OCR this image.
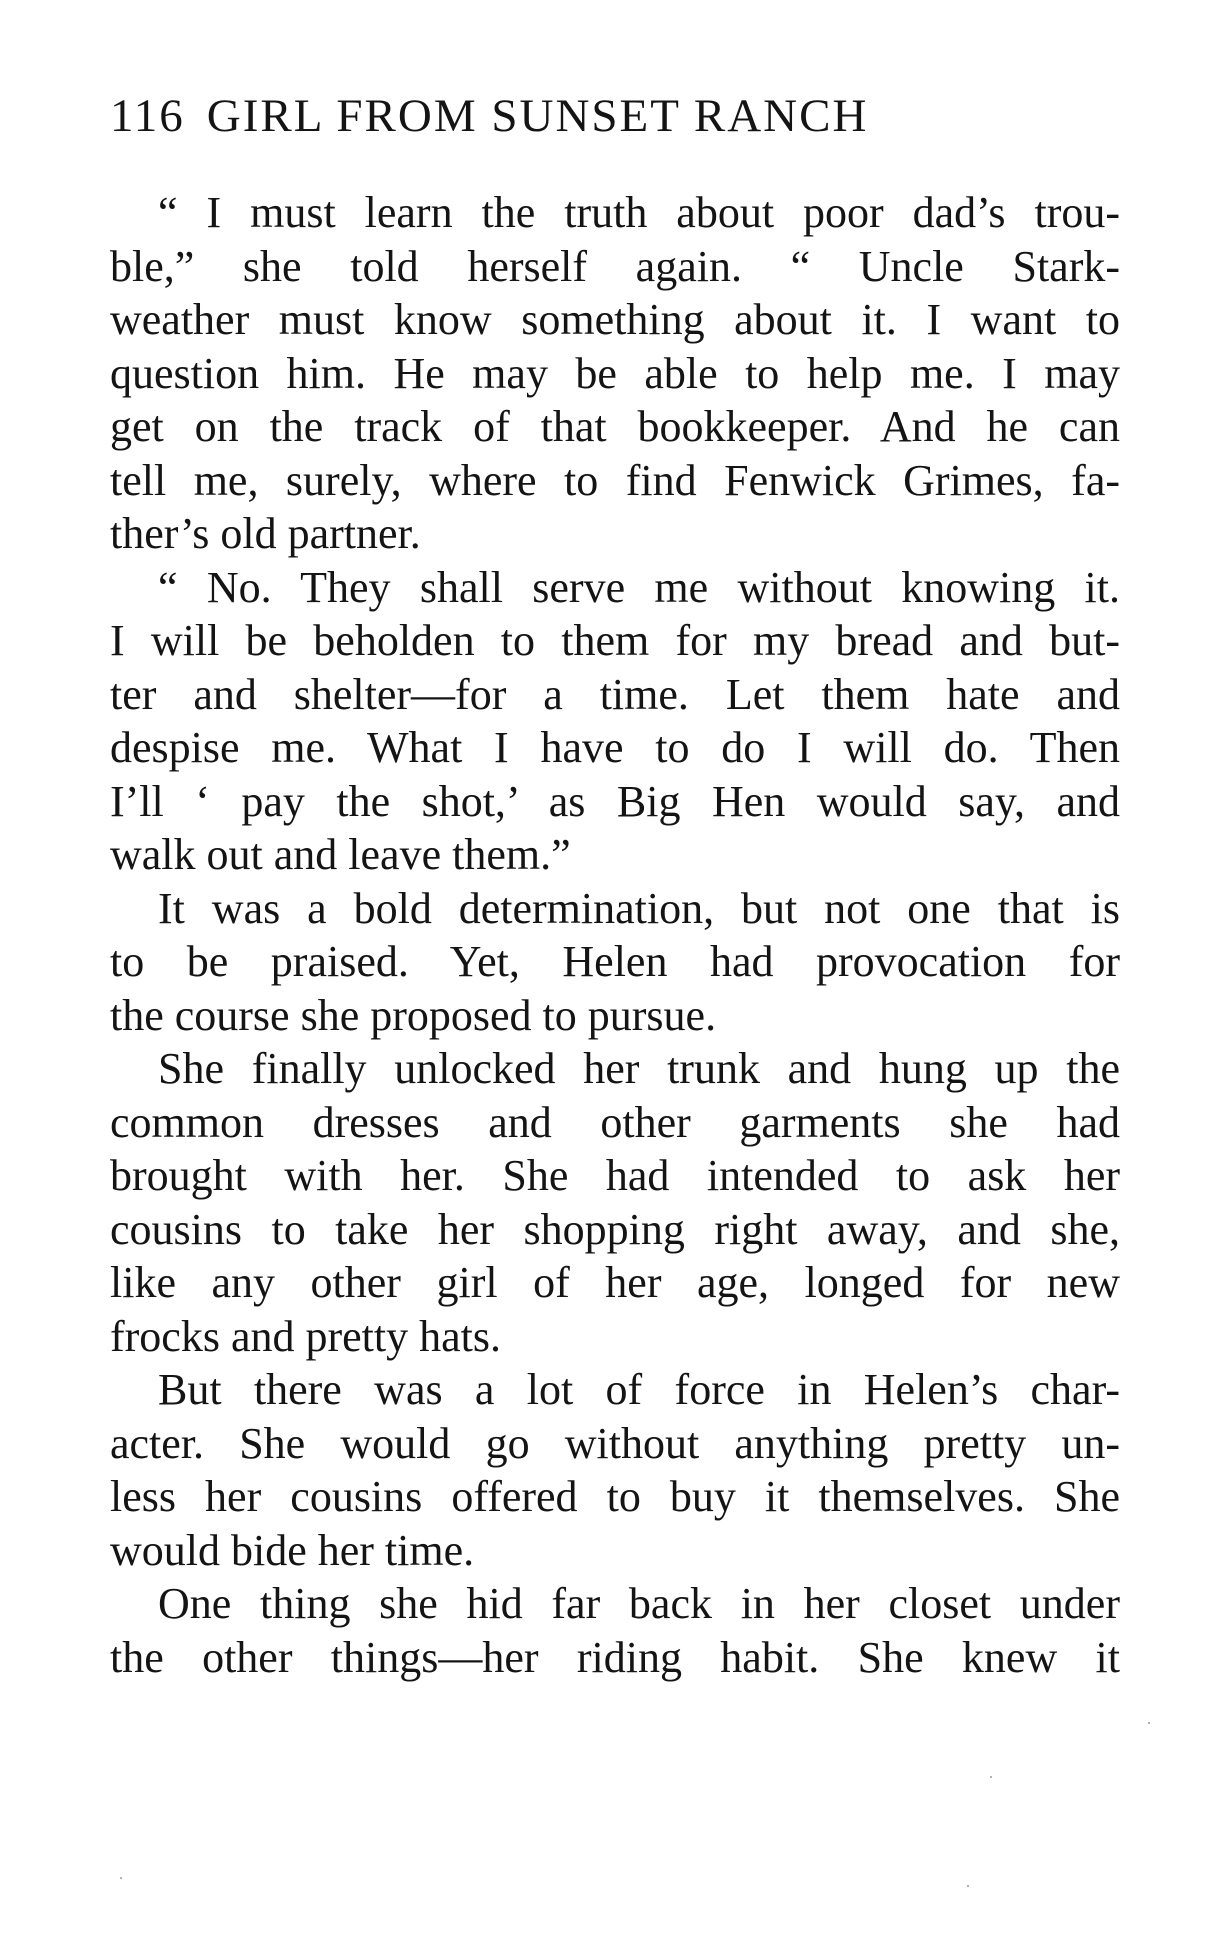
116 GIRL FROM SUNSET RANCH
“ I must learn the truth about poor dad’s trou-
ble,” she told herself again. “ Uncle Stark-
weather must know something about it. I want to
question him. He may be able to help me. I may
get on the track of that bookkeeper. And he can
tell me, surely, where to find Fenwick Grimes, fa-
ther’s old partner.
“ No. They shall serve me without knowing it.
I will be beholden to them for my bread and but-
ter and shelter—for a time. Let them hate and
despise me. What I have to do I will do. Then
I’ll ‘ pay the shot,’ as Big Hen would say, and
walk out and leave them.”
It was a bold determination, but not one that is
to be praised. Yet, Helen had provocation for
the course she proposed to pursue.
She finally unlocked her trunk and hung up the
common dresses and other garments she had
brought with her. She had intended to ask her
cousins to take her shopping right away, and she,
like any other girl of her age, longed for new
frocks and pretty hats.
But there was a lot of force in Helen’s char-
acter. She would go without anything pretty un-
less her cousins offered to buy it themselves. She
would bide her time.
One thing she hid far back in her closet under
the other things—her riding habit. She knew it
